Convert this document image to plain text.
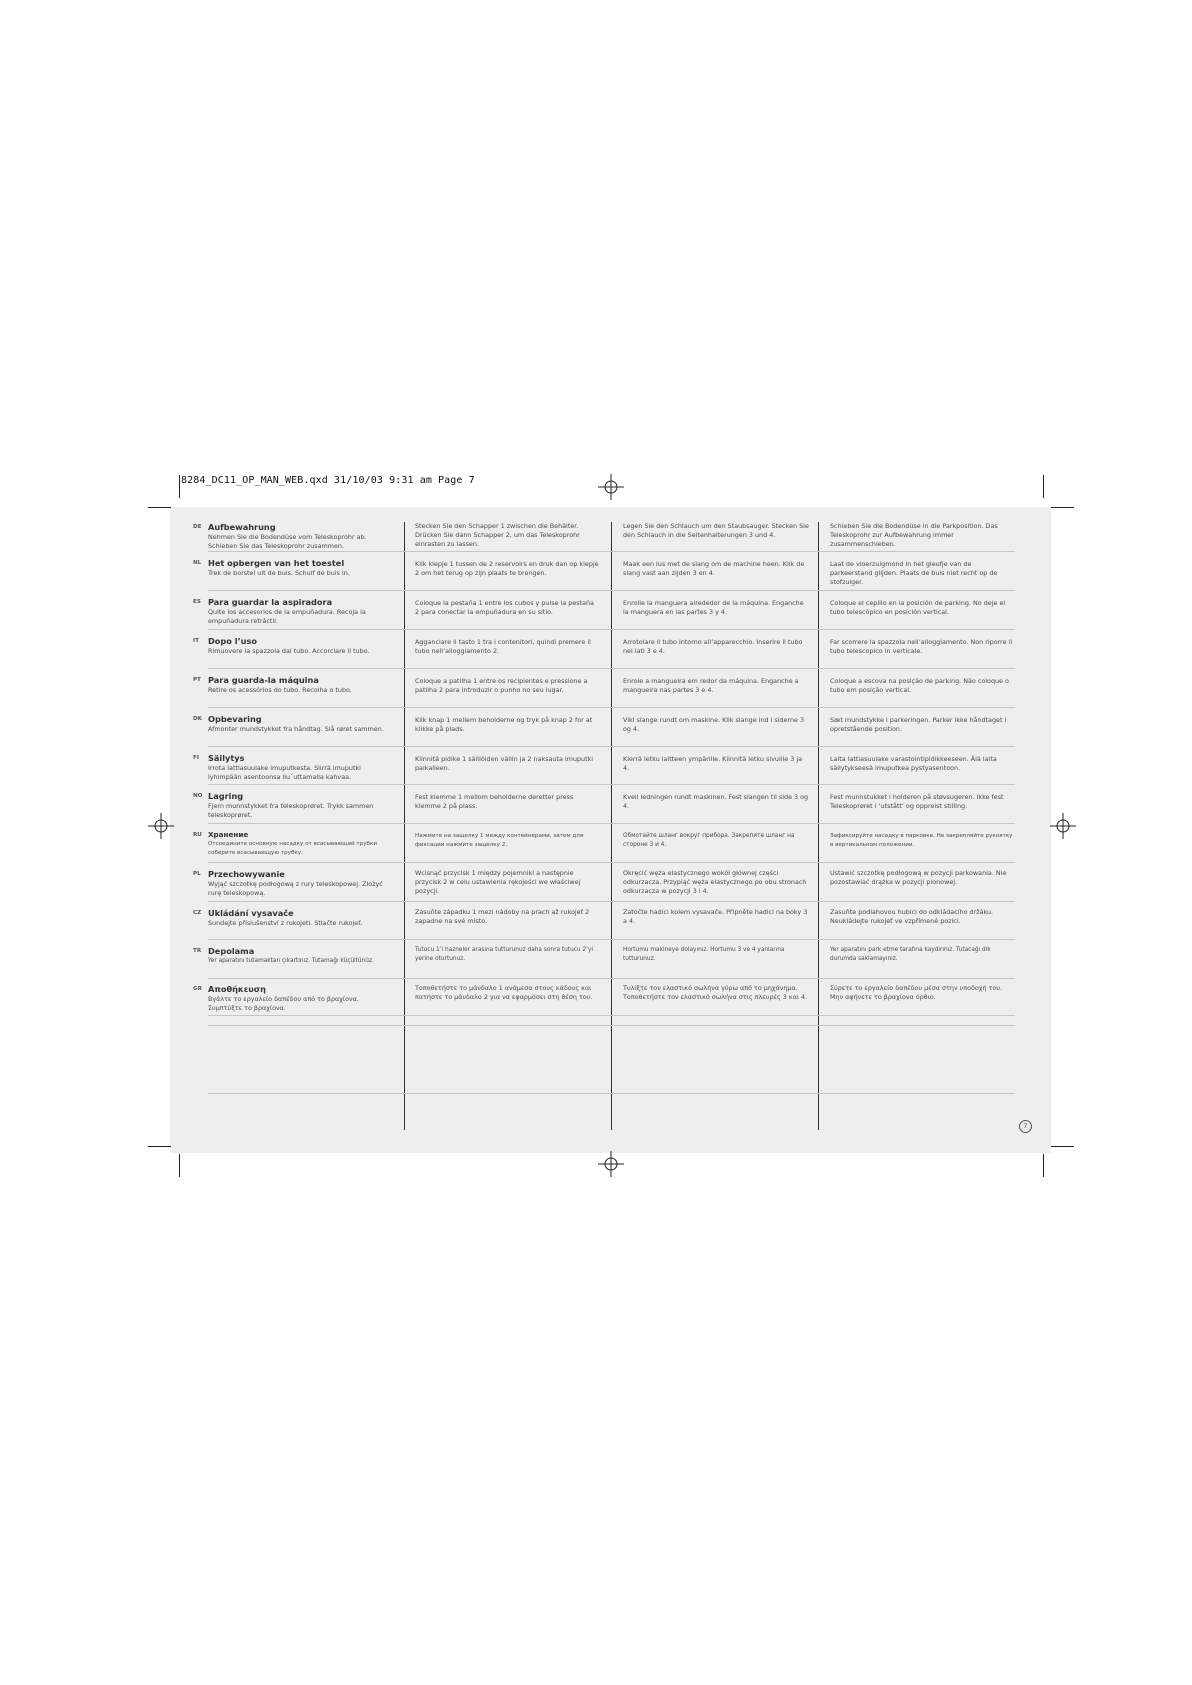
8284_DC11_OP_MAN_WEB.qxd 31/10/03 9:31 am Page 7
DE Aufbewahrung
Nehmen Sie die Bodendüse vom Teleskoprohr ab. Schieben Sie das Teleskoprohr zusammen.
Stecken Sie den Schapper 1 zwischen die Behälter. Drücken Sie dann Schapper 2, um das Teleskoprohr einrasten zu lassen.
Legen Sie den Schlauch um den Staubsauger. Stecken Sie den Schlauch in die Seitenhalterungen 3 und 4.
Schieben Sie die Bodendüse in die Parkposition. Das Teleskoprohr zur Aufbewahrung immer zusammenschieben.
NL Het opbergen van het toestel
Trek de borstel uit de buis. Schuif de buis in.
Klik klepje 1 tussen de 2 reservoirs en druk dan op klepje 2 om het terug op zijn plaats te brengen.
Maak een lus met de slang om de machine heen. Klik de slang vast aan zijden 3 en 4.
Laat de vloerzuigmond in het gleufje van de parkeerstand glijden. Plaats de buis niet recht op de stofzuiger.
ES Para guardar la aspiradora
Quite los accesorios de la empuñadura. Recoja la empuñadura retráctil.
Coloque la pestaña 1 entre los cubos y pulse la pestaña 2 para conectar la empuñadura en su sitio.
Enrolle la manguera alrededor de la máquina. Enganche la manguera en las partes 3 y 4.
Coloque el cepillo en la posición de parking. No deje el tubo telescópico en posición vertical.
IT Dopo l’uso
Rimuovere la spazzola dal tubo. Accorciare il tubo.
Agganciare il tasto 1 tra i contenitori, quindi premere il tubo nell’alloggiamento 2.
Arrotolare il tubo intorno all’apparecchio. Inserire il tubo nei lati 3 e 4.
Far scorrere la spazzola nell’alloggiamento. Non riporre il tubo telescopico in verticale.
PT Para guarda-la máquina
Retire os acessórios do tubo. Recolha o tubo.
Coloque a patilha 1 entre os recipientes e pressione a patilha 2 para introduzir o punho no seu lugar.
Enrole a mangueira em redor da máquina. Enganche a mangueira nas partes 3 e 4.
Coloque a escova na posição de parking. Não coloque o tubo em posição vertical.
DK Opbevaring
Afmonter mundstykket fra håndtag. Slå røret sammen.
Klik knap 1 mellem beholderne og tryk på knap 2 for at klikke på plads.
Vikl slange rundt om maskine. Klik slange ind i siderne 3 og 4.
Sæt mundstykke i parkeringen. Parker ikke håndtaget i opretstående position.
FI Säilytys
Irrota lattiasuulake imuputkesta. Siirrä imuputki lyhimpään asentoonsa liu´uttamalla kahvaa.
Kiinnitä pidike 1 säiliöiden väliin ja 2 naksauta imuputki paikalleen.
Kierrä letku laitteen ympärille. Kiinnitä letku sivuille 3 ja 4.
Laita lattiasuulake varastointipidikkeeseen. Älä laita säilytykseesä imuputkea pystyasentoon.
NO Lagring
Fjern munnstykket fra teleskoprøret. Trykk sammen teleskoprøret.
Fest klemme 1 mellom beholderne deretter press klemme 2 på plass.
Kveil ledningen rundt maskinen. Fest slangen til side 3 og 4.
Fest munnstukket i holderen på støvsugeren. Ikke fest Teleskoprøret i ‘utstått’ og oppreist stilling.
RU Хранение
Отсоедините основную насадку от всасывающей трубки соберите всасывающую трубку.
Нажмите на защелку 1 между контейнерами, затем для фиксации нажмите защелку 2.
Обмотайте шланг вокруг прибора. Закрепите шланг на стороне 3 и 4.
Зафиксируйте насадку в парковке. Не закрепляйте рукоятку в вертикальном положении.
PL Przechowywanie
Wyjąć szczotkę podłogową z rury teleskopowej. Złożyć rurę teleskopową.
Wcisnąć przycisk 1 między pojemniki a następnie przycisk 2 w celu ustawienia rękojeści we właściwej pozycji.
Okręcić węża elastycznego wokół głównej części odkurzacza. Przypiąć węża elastycznego po obu stronach odkurzacza w pozycji 3 i 4.
Ustawić szczotkę podłogową w pozycji parkowania. Nie pozostawiać drążka w pozycji pionowej.
CZ Ukládání vysavače
Sundejte příslušenství z rukojeti. Stlačte rukojeť.
Zasuňte západku 1 mezi nádoby na prach až rukojeť 2 zapadne na své místo.
Zatočte hadici kolem vysavače. Připněte hadici na boky 3 a 4.
Zasuňte podlahovou hubici do odkládacího držáku. Neukládejte rukojeť ve vzpřímené pozici.
TR Depolama
Yer aparatını tutamaktan çıkartınız. Tutamağı küçültünüz.
Tutucu 1’i hazneler arasına tutturunuz daha sonra tutucu 2’yi yerine oturtunuz.
Hortumu makineye dolayınız. Hortumu 3 ve 4 yanlarına tutturunuz.
Yer aparatını park etme tarafına kaydırınız. Tutacağı dik durumda saklamayınız.
GR Αποθήκευση
Βγάλτε το εργαλείο δαπέδου από το βραχίονα. Συμπτύξτε το βραχίονα.
Τοποθετήστε το μάνδαλο 1 ανάμεσα στους κάδους και πατήστε το μάνδαλο 2 για να εφαρμόσει στη θέση του.
Τυλίξτε τον ελαστικό σωλήνα γύρω από το μηχάνημα. Τοποθετήστε τον ελαστικό σωλήνα στις πλευρές 3 και 4.
Σύρετε το εργαλείο δαπέδου μέσα στην υποδοχή του. Μην αφήνετε το βραχίονα όρθιο.
7
